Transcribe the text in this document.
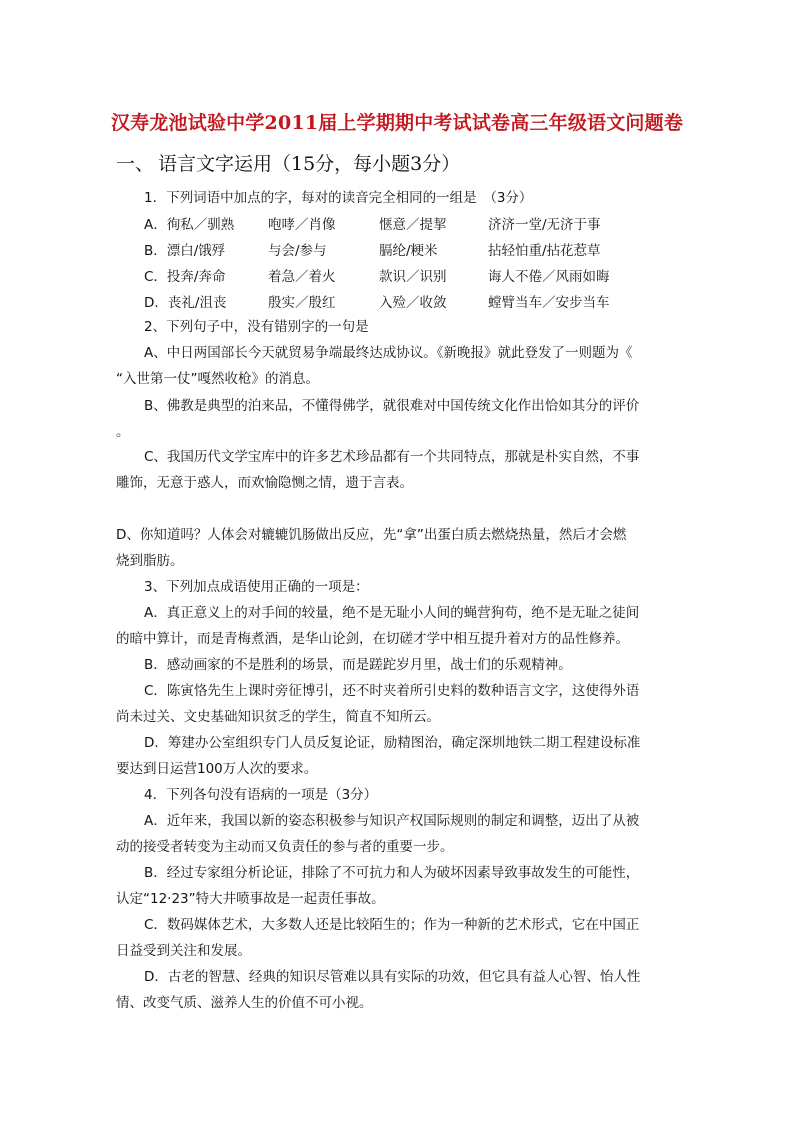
汉寿龙池试验中学2011届上学期期中考试试卷高三年级语文问题卷
一、 语言文字运用（15分，每小题3分）
1．下列词语中加点的字，每对的读音完全相同的一组是　（3分）
A．徇私／驯熟	咆哮／肖像	惬意／提挈	济济一堂/无济于事
B．漂白/饿殍	与会/参与	膈纶/粳米	拈轻怕重/拈花惹草
C．投奔/奔命	着急／着火	款识／识别	诲人不倦／风雨如晦
D．丧礼/沮丧	殷实／殷红	入殓／收敛	螳臂当车／安步当车
2、下列句子中，没有错别字的一句是
A、中日两国部长今天就贸易争端最终达成协议。《新晚报》就此登发了一则题为《
“入世第一仗”嘎然收枪》的消息。
B、佛教是典型的泊来品，不懂得佛学，就很难对中国传统文化作出恰如其分的评价
。
C、我国历代文学宝库中的许多艺术珍品都有一个共同特点，那就是朴实自然，不事
雕饰，无意于惑人，而欢愉隐恻之情，遗于言表。
D、你知道吗？人体会对辘辘饥肠做出反应，先“拿”出蛋白质去燃烧热量，然后才会燃
烧到脂肪。
3、下列加点成语使用正确的一项是：
A．真正意义上的对手间的较量，绝不是无耻小人间的蝇营狗苟，绝不是无耻之徒间
的暗中算计，而是青梅煮酒，是华山论剑，在切磋才学中相互提升着对方的品性修养。
B．感动画家的不是胜利的场景，而是蹉跎岁月里，战士们的乐观精神。
C．陈寅恪先生上课时旁征博引，还不时夹着所引史料的数种语言文字，这使得外语
尚未过关、文史基础知识贫乏的学生，简直不知所云。
D．筹建办公室组织专门人员反复论证，励精图治，确定深圳地铁二期工程建设标准
要达到日运营100万人次的要求。
4．下列各句没有语病的一项是（3分）
A．近年来，我国以新的姿态积极参与知识产权国际规则的制定和调整，迈出了从被
动的接受者转变为主动而又负责任的参与者的重要一步。
B．经过专家组分析论证，排除了不可抗力和人为破坏因素导致事故发生的可能性，
认定“12·23”特大井喷事故是一起责任事故。
C．数码媒体艺术，大多数人还是比较陌生的；作为一种新的艺术形式，它在中国正
日益受到关注和发展。
D．古老的智慧、经典的知识尽管难以具有实际的功效，但它具有益人心智、怡人性
情、改变气质、滋养人生的价值不可小视。
